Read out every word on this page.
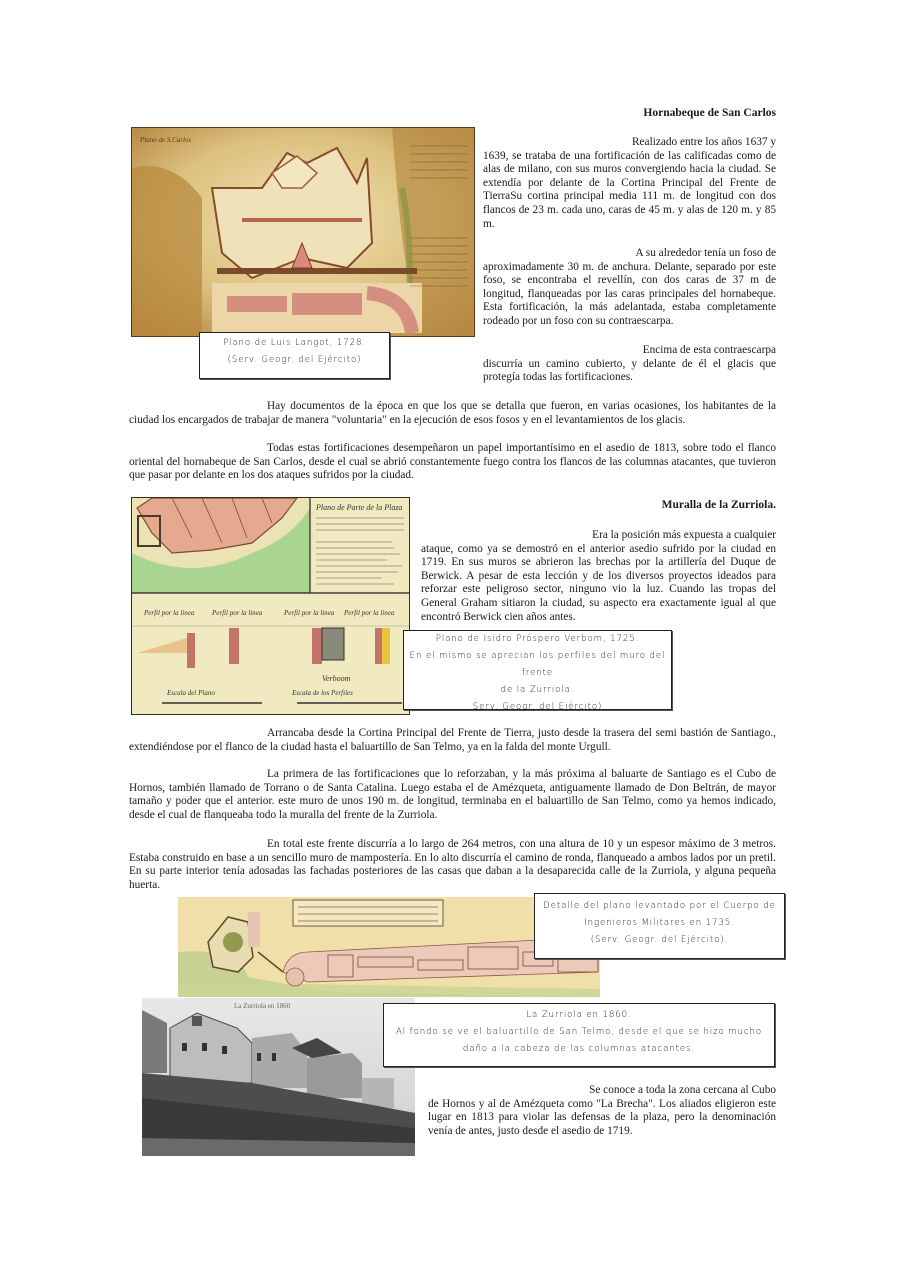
Hornabeque de San Carlos
Plano de S.Carlos
Plano de Luis Langot, 1728.
(Serv. Geogr. del Ejército)
Realizado entre los años 1637 y
1639, se trataba de una fortificación de las calificadas como de alas de milano, con sus muros convergiendo hacia la ciudad. Se extendía por delante de la Cortina Principal del Frente de TierraSu cortina principal media 111 m. de longitud con dos flancos de 23 m. cada uno, caras de 45 m. y alas de 120 m. y 85 m.
A su alrededor tenía un foso de
aproximadamente 30 m. de anchura. Delante, separado por este foso, se encontraba el revellín, con dos caras de 37 m de longitud, flanqueadas por las caras principales del hornabeque. Esta fortificación, la más adelantada, estaba completamente rodeado por un foso con su contraescarpa.
Encima de esta contraescarpa
discurría un camino cubierto, y delante de él el glacis que protegía todas las fortificaciones.
Hay documentos de la época en que los que se detalla que fueron, en varias ocasiones, los habitantes de la ciudad los encargados de trabajar de manera "voluntaria" en la ejecución de esos fosos y en el levantamientos de los glacis.
Todas estas fortificaciones desempeñaron un papel importantísimo en el asedio de 1813, sobre todo el flanco oriental del hornabeque de San Carlos, desde el cual se abrió constantemente fuego contra los flancos de las columnas atacantes, que tuvieron que pasar por delante en los dos ataques sufridos por la ciudad.
Muralla de la Zurriola.
Plano de Parte de la Plaza
Perfil por la linea	Perfil por la linea	Perfil por la linea Perfil por la linea
Verboom
Escala del Plano	Escala de los Perfiles
Era la posición más expuesta a cualquier
ataque, como ya se demostró en el anterior asedio sufrido por la ciudad en 1719. En sus muros se abrieron las brechas por la artillería del Duque de Berwick. A pesar de esta lección y de los diversos proyectos ideados para reforzar este peligroso sector, ninguno vio la luz. Cuando las tropas del General Graham sitiaron la ciudad, su aspecto era exactamente igual al que encontró Berwick cien años antes.
Plano de Isidro Próspero Verbom, 1725.
En el mismo se aprecian los perfiles del muro del frente
de la Zurriola.
Serv. Geogr. del Ejército)
Arrancaba desde la Cortina Principal del Frente de Tierra, justo desde la trasera del semi bastión de Santiago., extendiéndose por el flanco de la ciudad hasta el baluartillo de San Telmo, ya en la falda del monte Urgull.
La primera de las fortificaciones que lo reforzaban, y la más próxima al baluarte de Santiago es el Cubo de Hornos, también llamado de Torrano o de Santa Catalina. Luego estaba el de Amézqueta, antiguamente llamado de Don Beltrán, de mayor tamaño y poder que el anterior. este muro de unos 190 m. de longitud, terminaba en el baluartillo de San Telmo, como ya hemos indicado, desde el cual de flanqueaba todo la muralla del frente de la Zurriola.
En total este frente discurría a lo largo de 264 metros, con una altura de 10 y un espesor máximo de 3 metros. Estaba construido en base a un sencillo muro de mampostería. En lo alto discurría el camino de ronda, flanqueado a ambos lados por un pretil. En su parte interior tenía adosadas las fachadas posteriores de las casas que daban a la desaparecida calle de la Zurriola, y alguna pequeña huerta.
Detalle del plano levantado por el Cuerpo de
Ingenieros Militares en 1735.
(Serv. Geogr. del Ejército).
La Zurriola en 1860
La Zurriola en 1860.
Al fondo se ve el baluartillo de San Telmo, desde el que se hizo mucho
daño a la cabeza de las columnas atacantes.
Se conoce a toda la zona cercana al Cubo
de Hornos y al de Amézqueta como "La Brecha". Los aliados eligieron este lugar en 1813 para violar las defensas de la plaza, pero la denominación venía de antes, justo desde el asedio de 1719.
